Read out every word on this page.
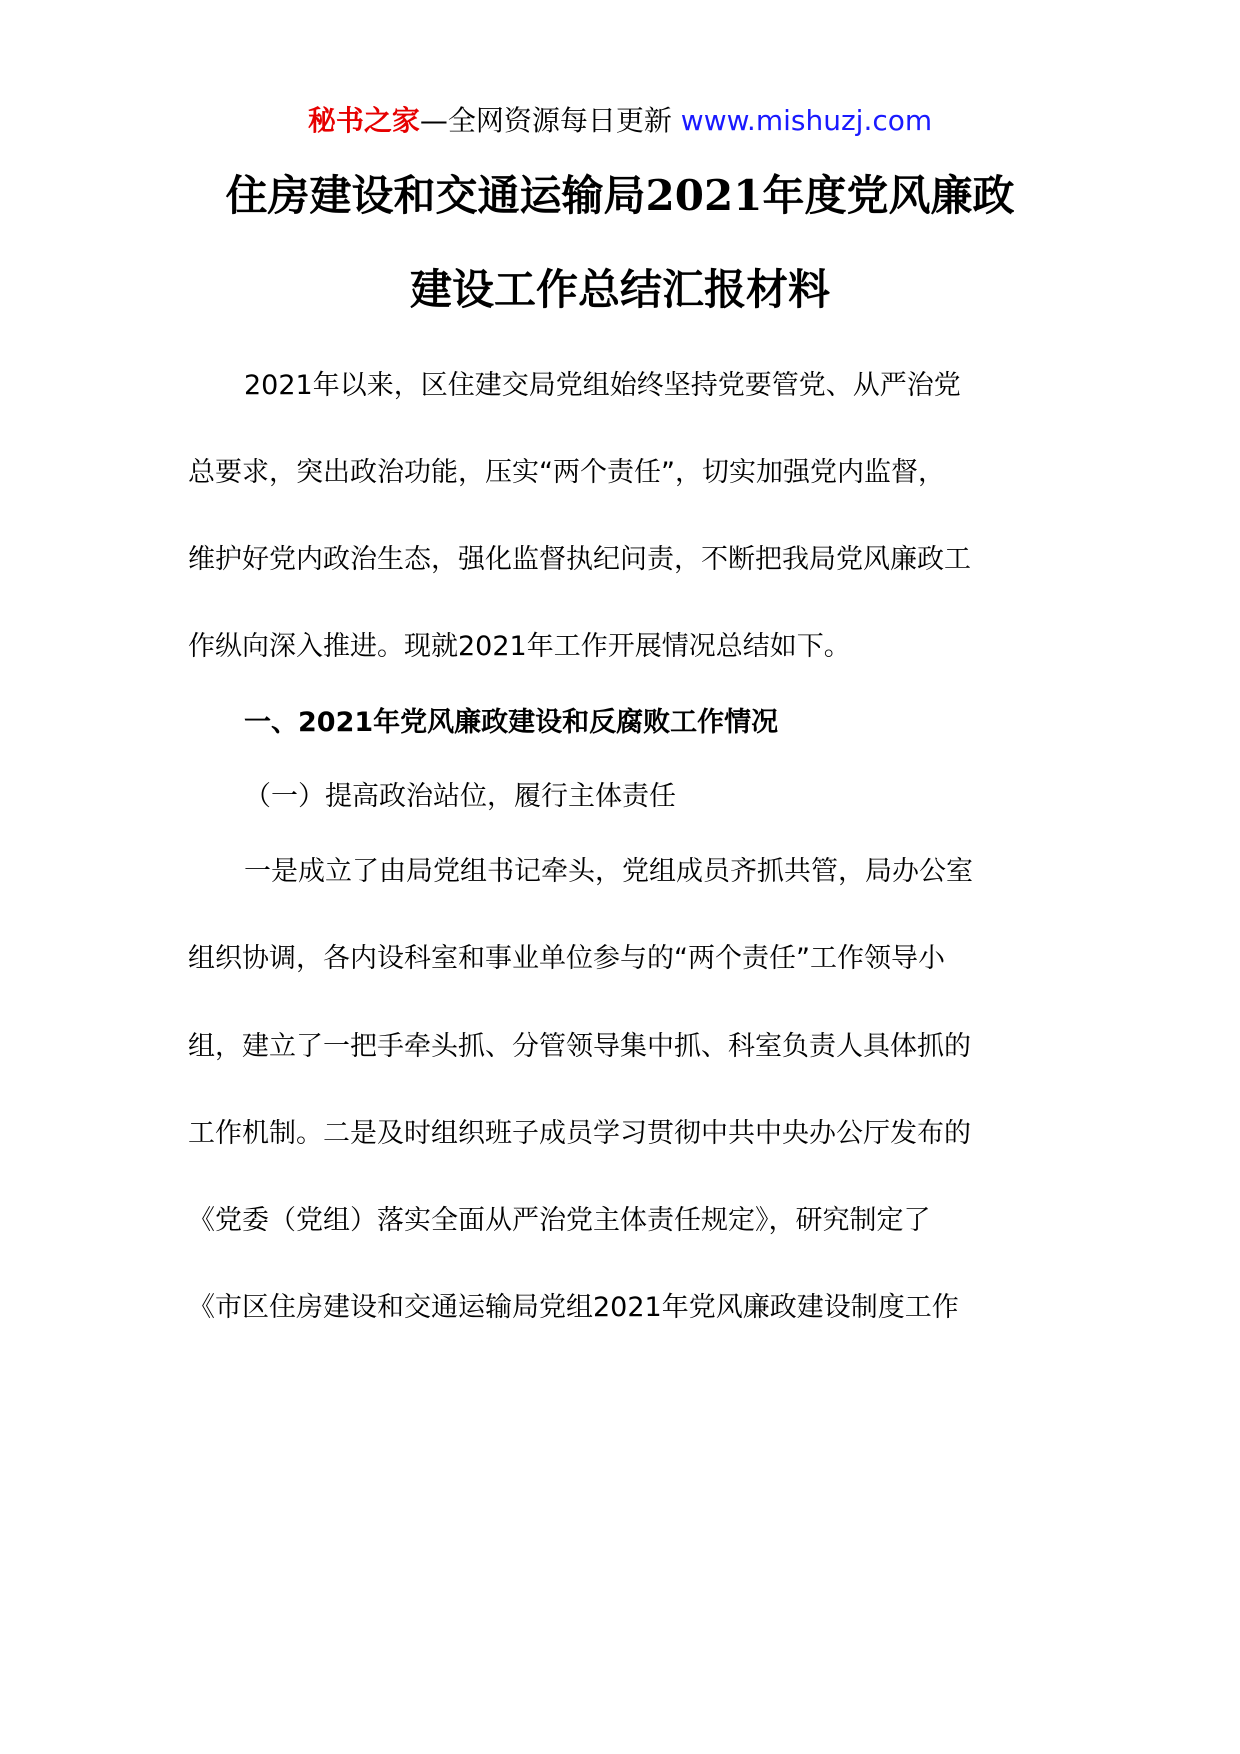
秘书之家—全网资源每日更新 www.mishuzj.com
住房建设和交通运输局2021年度党风廉政
建设工作总结汇报材料
2021年以来，区住建交局党组始终坚持党要管党、从严治党
总要求，突出政治功能，压实“两个责任”，切实加强党内监督，
维护好党内政治生态，强化监督执纪问责，不断把我局党风廉政工
作纵向深入推进。现就2021年工作开展情况总结如下。
一、2021年党风廉政建设和反腐败工作情况
（一）提高政治站位，履行主体责任
一是成立了由局党组书记牵头，党组成员齐抓共管，局办公室
组织协调，各内设科室和事业单位参与的“两个责任”工作领导小
组，建立了一把手牵头抓、分管领导集中抓、科室负责人具体抓的
工作机制。二是及时组织班子成员学习贯彻中共中央办公厅发布的
《党委（党组）落实全面从严治党主体责任规定》，研究制定了
《市区住房建设和交通运输局党组2021年党风廉政建设制度工作
